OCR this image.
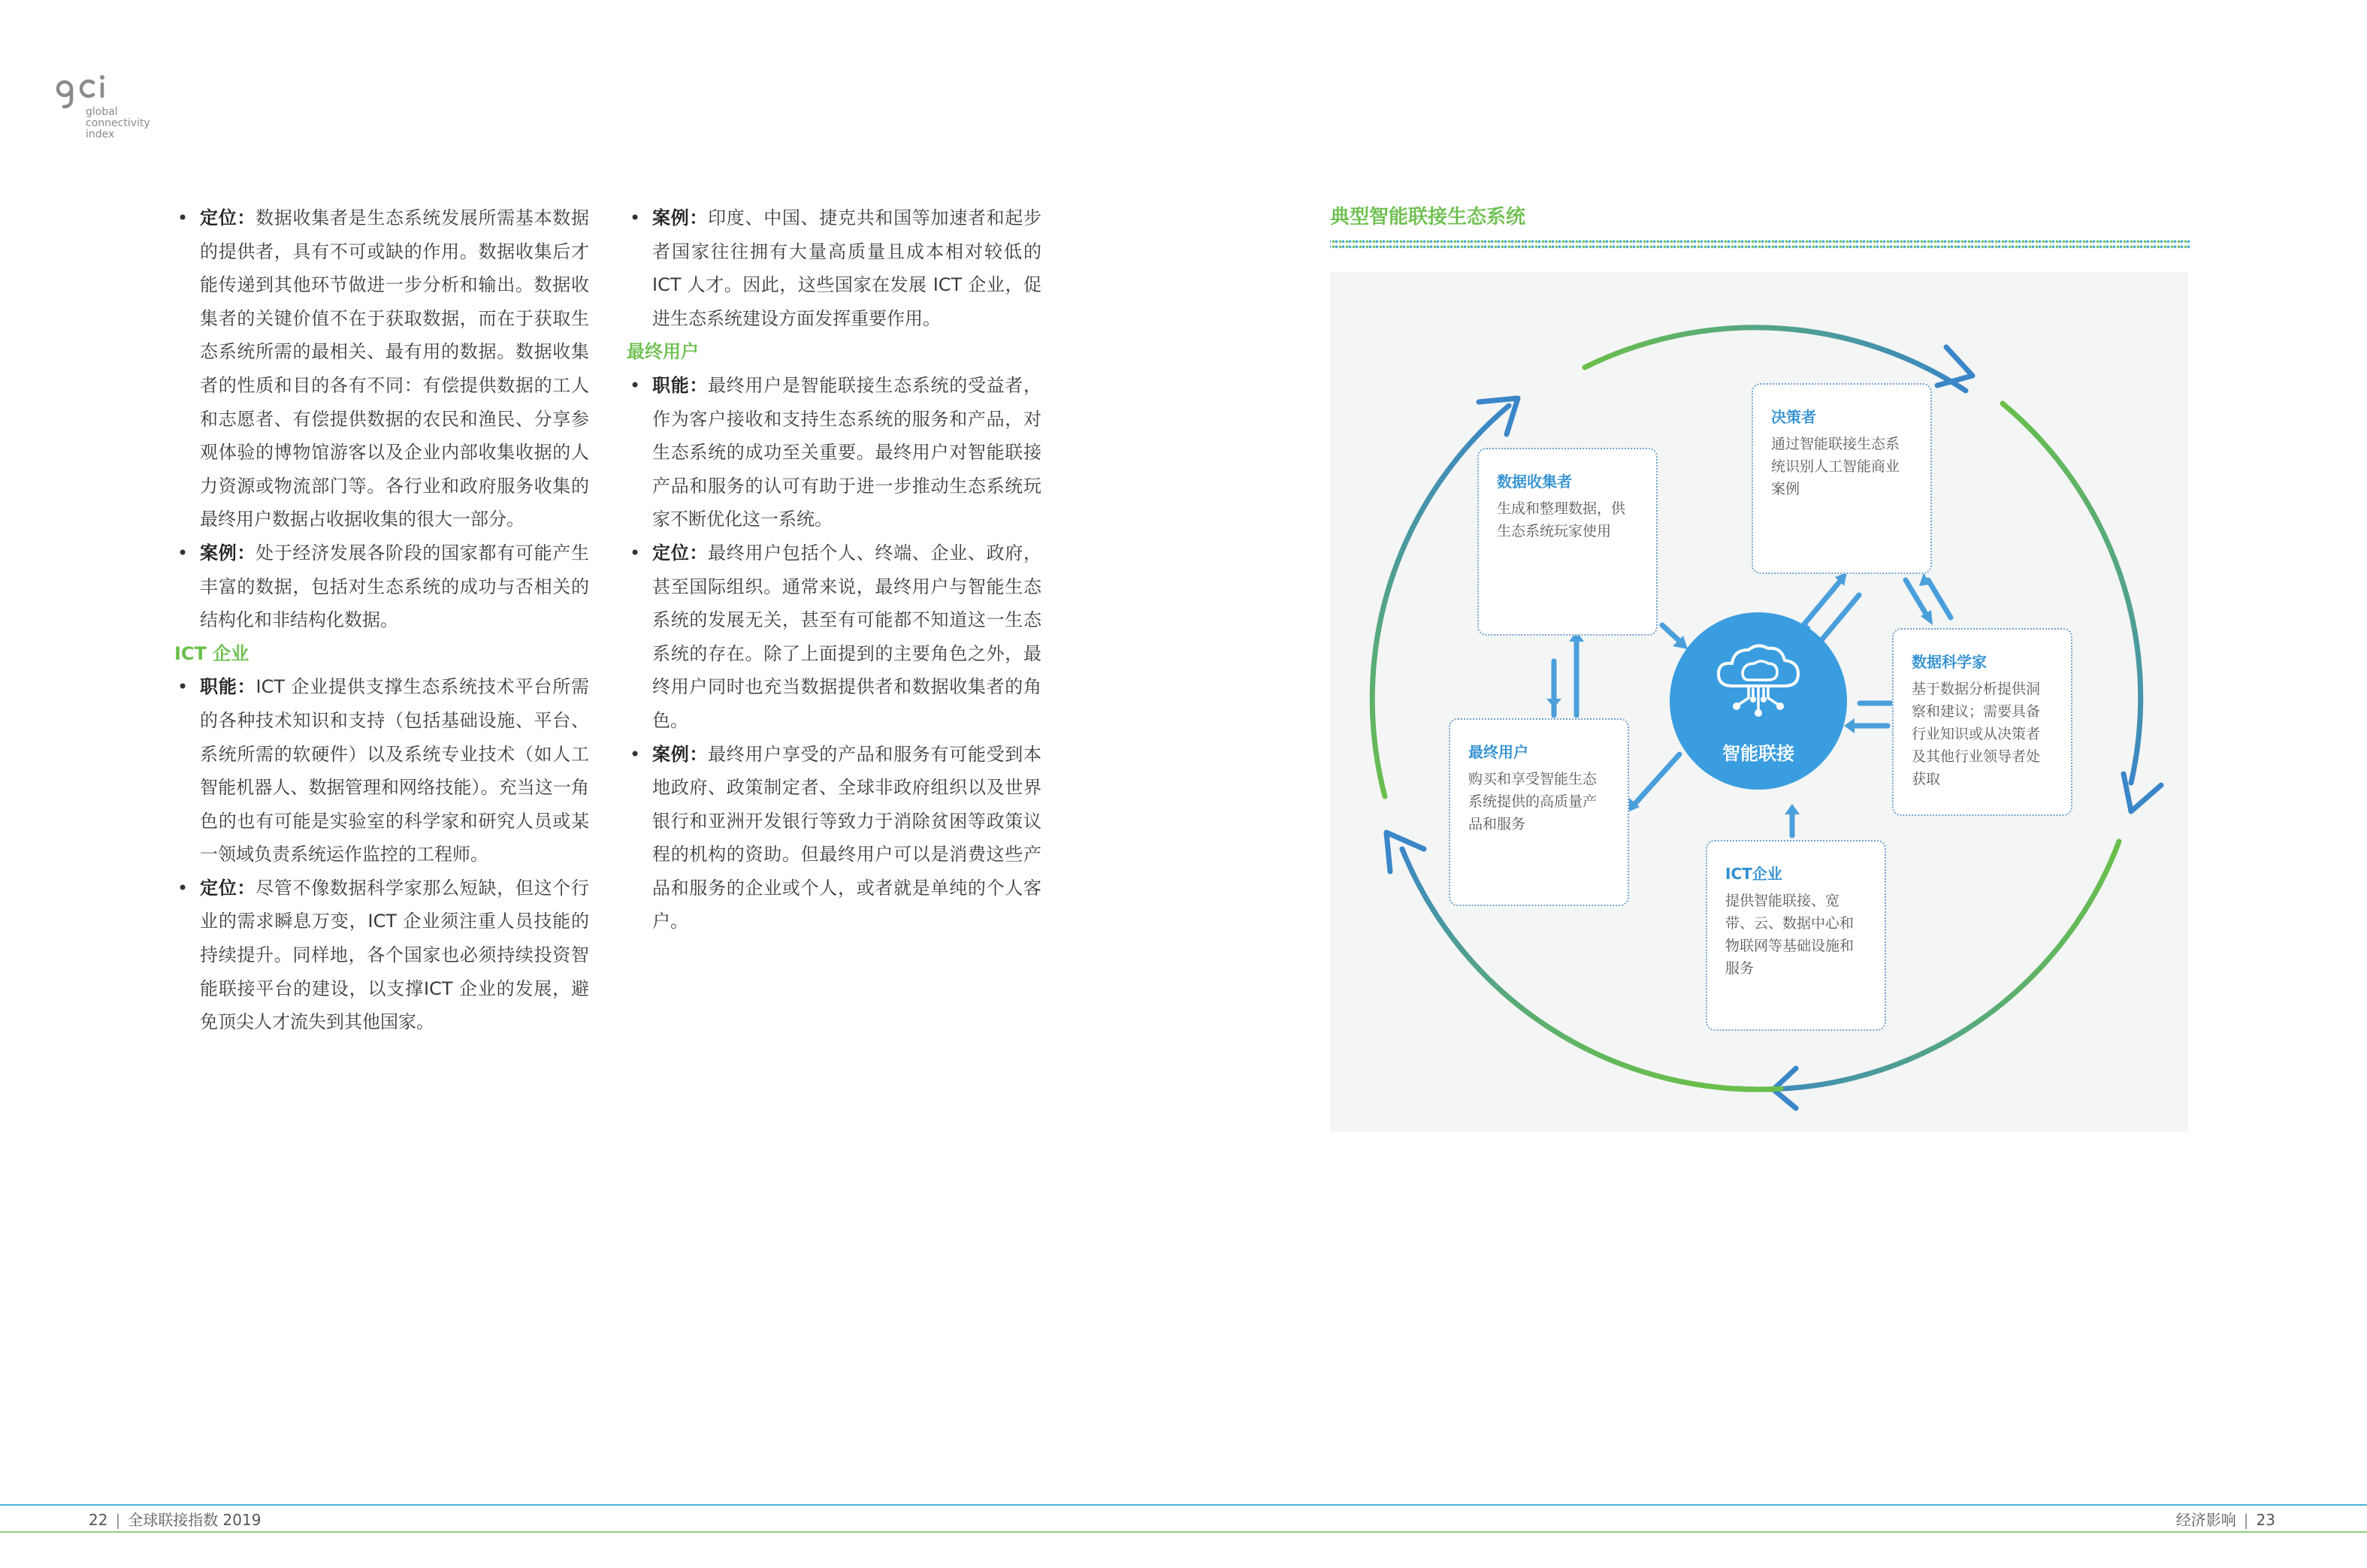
global
connectivity
index

• 定位：数据收集者是生态系统发展所需基本数据的提供者，具有不可或缺的作用。数据收集后才能传递到其他环节做进一步分析和输出。数据收集者的关键价值不在于获取数据，而在于获取生态系统所需的最相关、最有用的数据。数据收集者的性质和目的各有不同：有偿提供数据的工人和志愿者、有偿提供数据的农民和渔民、分享参观体验的博物馆游客以及企业内部收集收据的人力资源或物流部门等。各行业和政府服务收集的最终用户数据占收据收集的很大一部分。

• 案例：处于经济发展各阶段的国家都有可能产生丰富的数据，包括对生态系统的成功与否相关的结构化和非结构化数据。

ICT 企业

• 职能：ICT 企业提供支撑生态系统技术平台所需的各种技术知识和支持（包括基础设施、平台、系统所需的软硬件）以及系统专业技术（如人工智能机器人、数据管理和网络技能）。充当这一角色的也有可能是实验室的科学家和研究人员或某一领域负责系统运作监控的工程师。

• 定位：尽管不像数据科学家那么短缺，但这个行业的需求瞬息万变，ICT 企业须注重人员技能的持续提升。同样地，各个国家也必须持续投资智能联接平台的建设，以支撑ICT 企业的发展，避免顶尖人才流失到其他国家。

• 案例：印度、中国、捷克共和国等加速者和起步者国家往往拥有大量高质量且成本相对较低的 ICT 人才。因此，这些国家在发展 ICT 企业，促进生态系统建设方面发挥重要作用。

最终用户

• 职能：最终用户是智能联接生态系统的受益者，作为客户接收和支持生态系统的服务和产品，对生态系统的成功至关重要。最终用户对智能联接产品和服务的认可有助于进一步推动生态系统玩家不断优化这一系统。

• 定位：最终用户包括个人、终端、企业、政府，甚至国际组织。通常来说，最终用户与智能生态系统的发展无关，甚至有可能都不知道这一生态系统的存在。除了上面提到的主要角色之外，最终用户同时也充当数据提供者和数据收集者的角色。

• 案例：最终用户享受的产品和服务有可能受到本地政府、政策制定者、全球非政府组织以及世界银行和亚洲开发银行等致力于消除贫困等政策议程的机构的资助。但最终用户可以是消费这些产品和服务的企业或个人，或者就是单纯的个人客户。

典型智能联接生态系统
决策者
通过智能联接生态系统识别人工智能商业案例
数据收集者
生成和整理数据，供生态系统玩家使用
数据科学家
基于数据分析提供洞察和建议；需要具备行业知识或从决策者及其他行业领导者处获取
最终用户
购买和享受智能生态系统提供的高质量产品和服务
ICT企业
提供智能联接、宽带、云、数据中心和物联网等基础设施和服务
智能联接
22 | 全球联接指数 2019	经济影响 | 23
